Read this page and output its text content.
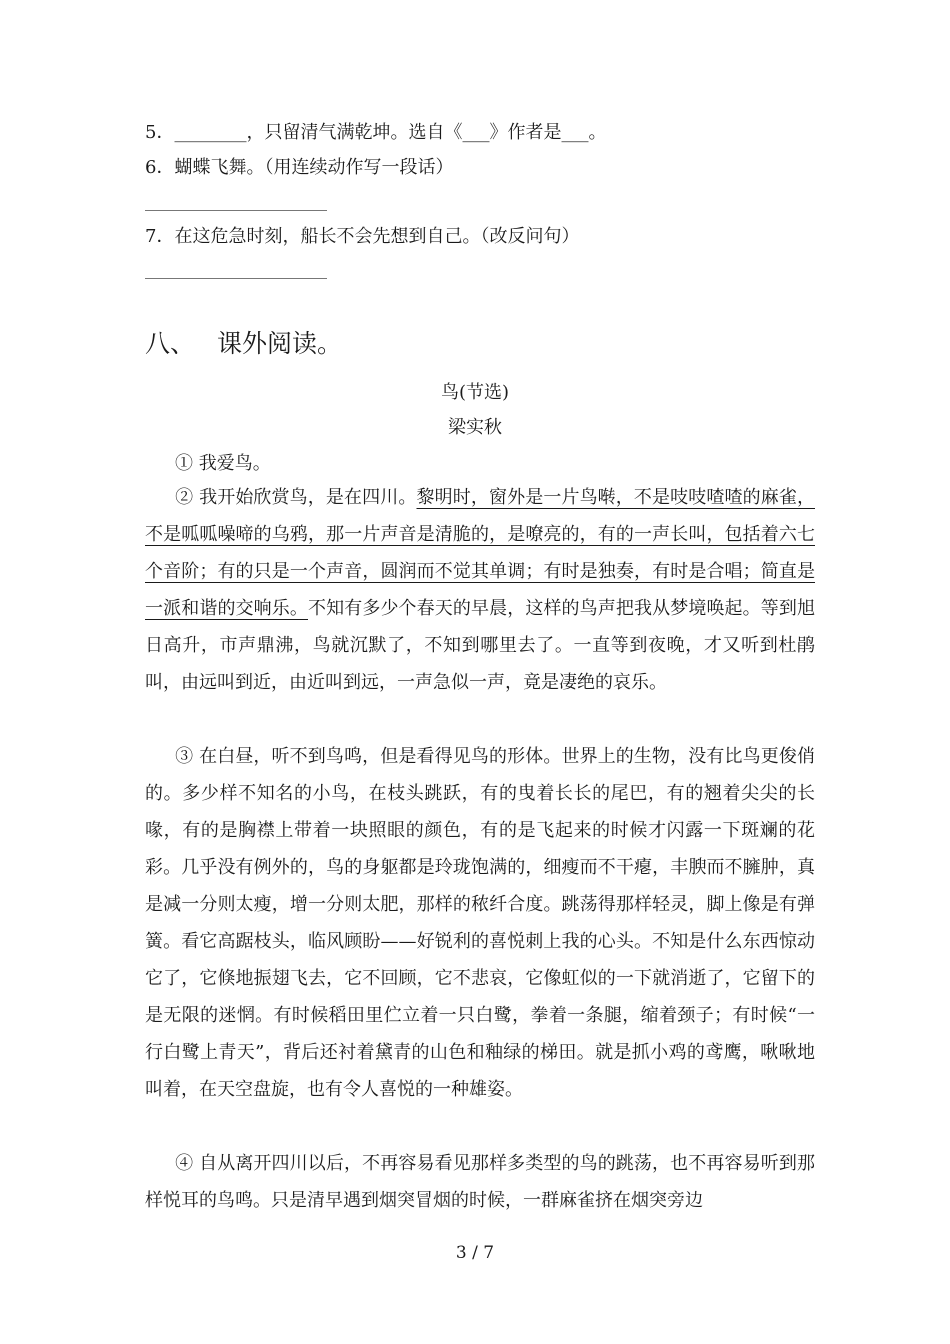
5．________，只留清气满乾坤。选自《___》作者是___。
6．蝴蝶飞舞。（用连续动作写一段话）
7．在这危急时刻，船长不会先想到自己。（改反问句）
八、 课外阅读。
鸟(节选)
梁实秋

① 我爱鸟。

② 我开始欣赏鸟，是在四川。黎明时，窗外是一片鸟啭，不是吱吱喳喳的麻雀，不是呱呱噪啼的乌鸦，那一片声音是清脆的，是嘹亮的，有的一声长叫，包括着六七个音阶；有的只是一个声音，圆润而不觉其单调；有时是独奏，有时是合唱；简直是一派和谐的交响乐。不知有多少个春天的早晨，这样的鸟声把我从梦境唤起。等到旭日高升，市声鼎沸，鸟就沉默了，不知到哪里去了。一直等到夜晚，才又听到杜鹃叫，由远叫到近，由近叫到远，一声急似一声，竟是凄绝的哀乐。

③ 在白昼，听不到鸟鸣，但是看得见鸟的形体。世界上的生物，没有比鸟更俊俏的。多少样不知名的小鸟，在枝头跳跃，有的曳着长长的尾巴，有的翘着尖尖的长喙，有的是胸襟上带着一块照眼的颜色，有的是飞起来的时候才闪露一下斑斓的花彩。几乎没有例外的，鸟的身躯都是玲珑饱满的，细瘦而不干瘪，丰腴而不臃肿，真是减一分则太瘦，增一分则太肥，那样的秾纤合度。跳荡得那样轻灵，脚上像是有弹簧。看它高踞枝头，临风顾盼——好锐利的喜悦刺上我的心头。不知是什么东西惊动它了，它倏地振翅飞去，它不回顾，它不悲哀，它像虹似的一下就消逝了，它留下的是无限的迷惘。有时候稻田里伫立着一只白鹭，拳着一条腿，缩着颈子；有时候“一行白鹭上青天”，背后还衬着黛青的山色和釉绿的梯田。就是抓小鸡的鸢鹰，啾啾地叫着，在天空盘旋，也有令人喜悦的一种雄姿。

④ 自从离开四川以后，不再容易看见那样多类型的鸟的跳荡，也不再容易听到那样悦耳的鸟鸣。只是清早遇到烟突冒烟的时候，一群麻雀挤在烟突旁边

3 / 7
